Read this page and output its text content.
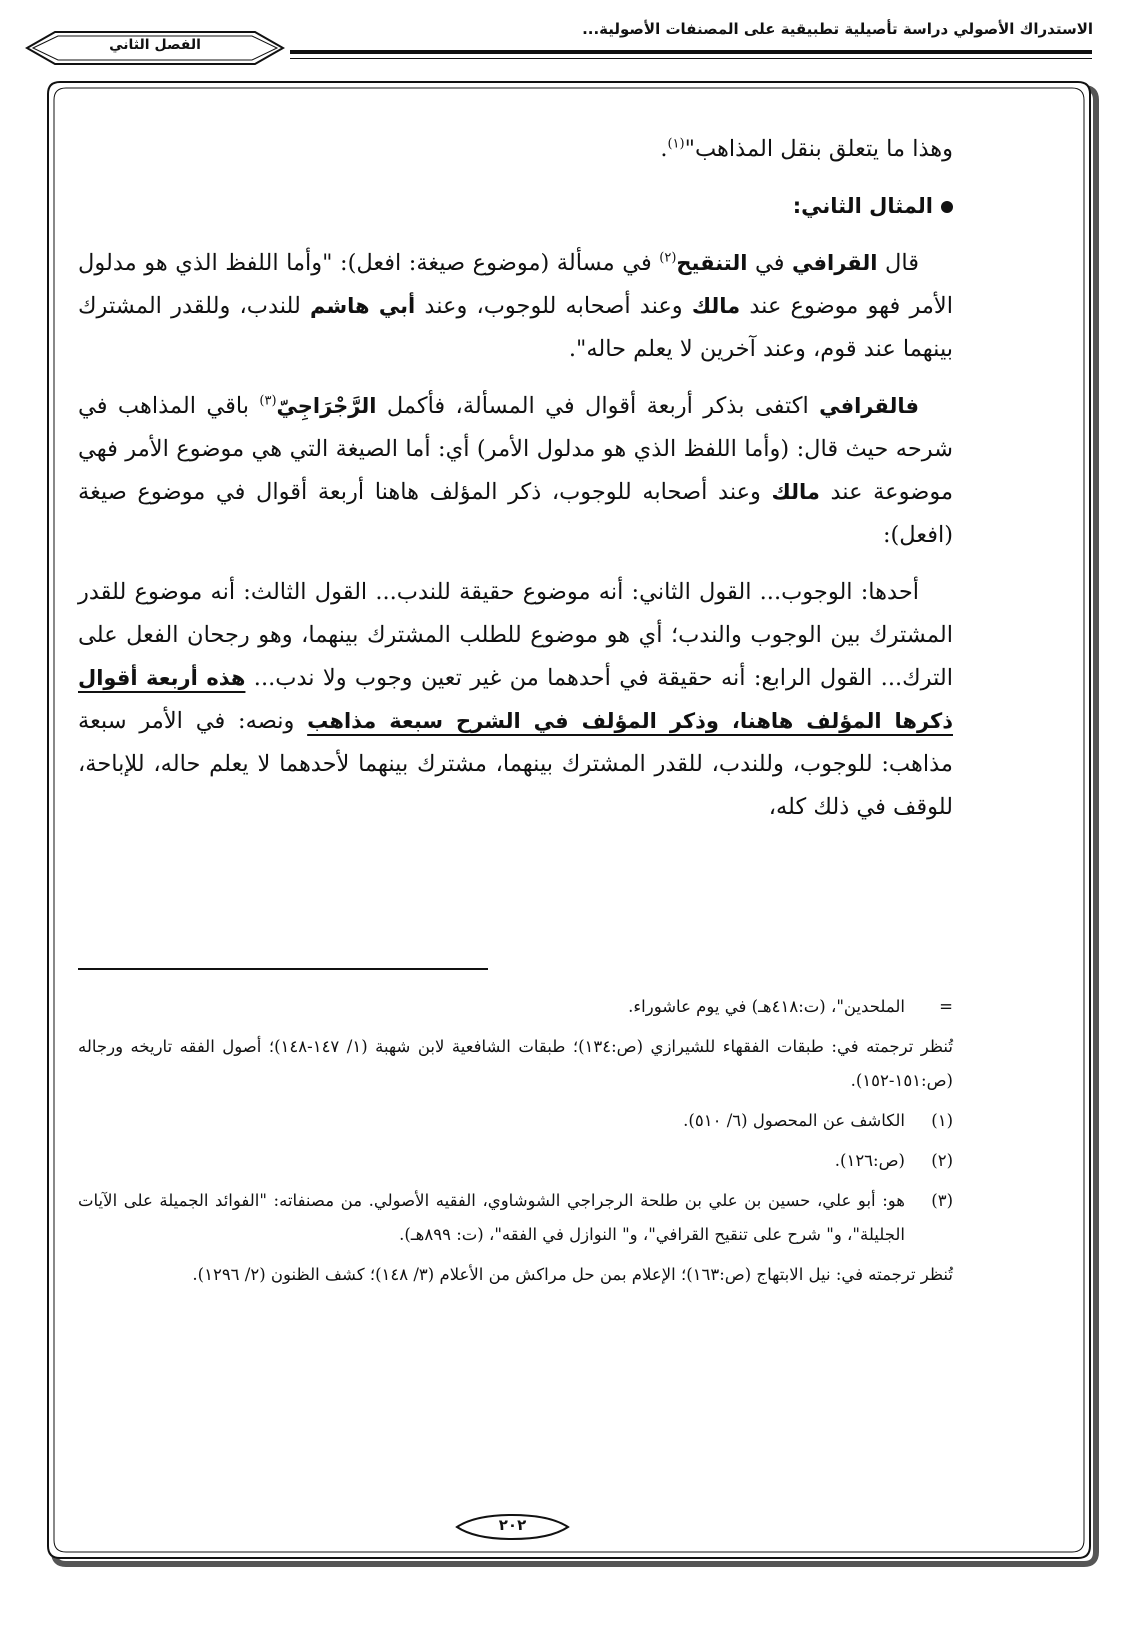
الاستدراك الأصولي دراسة تأصيلية تطبيقية على المصنفات الأصولية...
الفصل الثاني

وهذا ما يتعلق بنقل المذاهب"$^{(١)}$.

المثال الثاني:

قال القرافي في التنقيح$^{(٢)}$ في مسألة (موضوع صيغة: افعل): "وأما اللفظ الذي هو مدلول الأمر فهو موضوع عند مالك وعند أصحابه للوجوب، وعند أبي هاشم للندب، وللقدر المشترك بينهما عند قوم، وعند آخرين لا يعلم حاله".

فالقرافي اكتفى بذكر أربعة أقوال في المسألة، فأكمل الرَّجْرَاجِيّ$^{(٣)}$ باقي المذاهب في شرحه حيث قال: (وأما اللفظ الذي هو مدلول الأمر) أي: أما الصيغة التي هي موضوع الأمر فهي موضوعة عند مالك وعند أصحابه للوجوب، ذكر المؤلف هاهنا أربعة أقوال في موضوع صيغة (افعل):

أحدها: الوجوب... القول الثاني: أنه موضوع حقيقة للندب... القول الثالث: أنه موضوع للقدر المشترك بين الوجوب والندب؛ أي هو موضوع للطلب المشترك بينهما، وهو رجحان الفعل على الترك... القول الرابع: أنه حقيقة في أحدهما من غير تعين وجوب ولا ندب... هذه أربعة أقوال ذكرها المؤلف هاهنا، وذكر المؤلف في الشرح سبعة مذاهب ونصه: في الأمر سبعة مذاهب: للوجوب، وللندب، للقدر المشترك بينهما، مشترك بينهما لأحدهما لا يعلم حاله، للإباحة، للوقف في ذلك كله،

=
الملحدين"، (ت:٤١٨هـ) في يوم عاشوراء.
تُنظر ترجمته في: طبقات الفقهاء للشيرازي (ص:١٣٤)؛ طبقات الشافعية لابن شهبة (١/ ١٤٧-١٤٨)؛ أصول الفقه تاريخه ورجاله (ص:١٥١-١٥٢).
(١)
الكاشف عن المحصول (٦/ ٥١٠).
(٢)
(ص:١٢٦).
(٣)
هو: أبو علي، حسين بن علي بن طلحة الرجراجي الشوشاوي، الفقيه الأصولي. من مصنفاته: "الفوائد الجميلة على الآيات الجليلة"، و" شرح على تنقيح القرافي"، و" النوازل في الفقه"، (ت: ٨٩٩هـ).
تُنظر ترجمته في: نيل الابتهاج (ص:١٦٣)؛ الإعلام بمن حل مراكش من الأعلام (٣/ ١٤٨)؛ كشف الظنون (٢/ ١٢٩٦).
٢٠٢
